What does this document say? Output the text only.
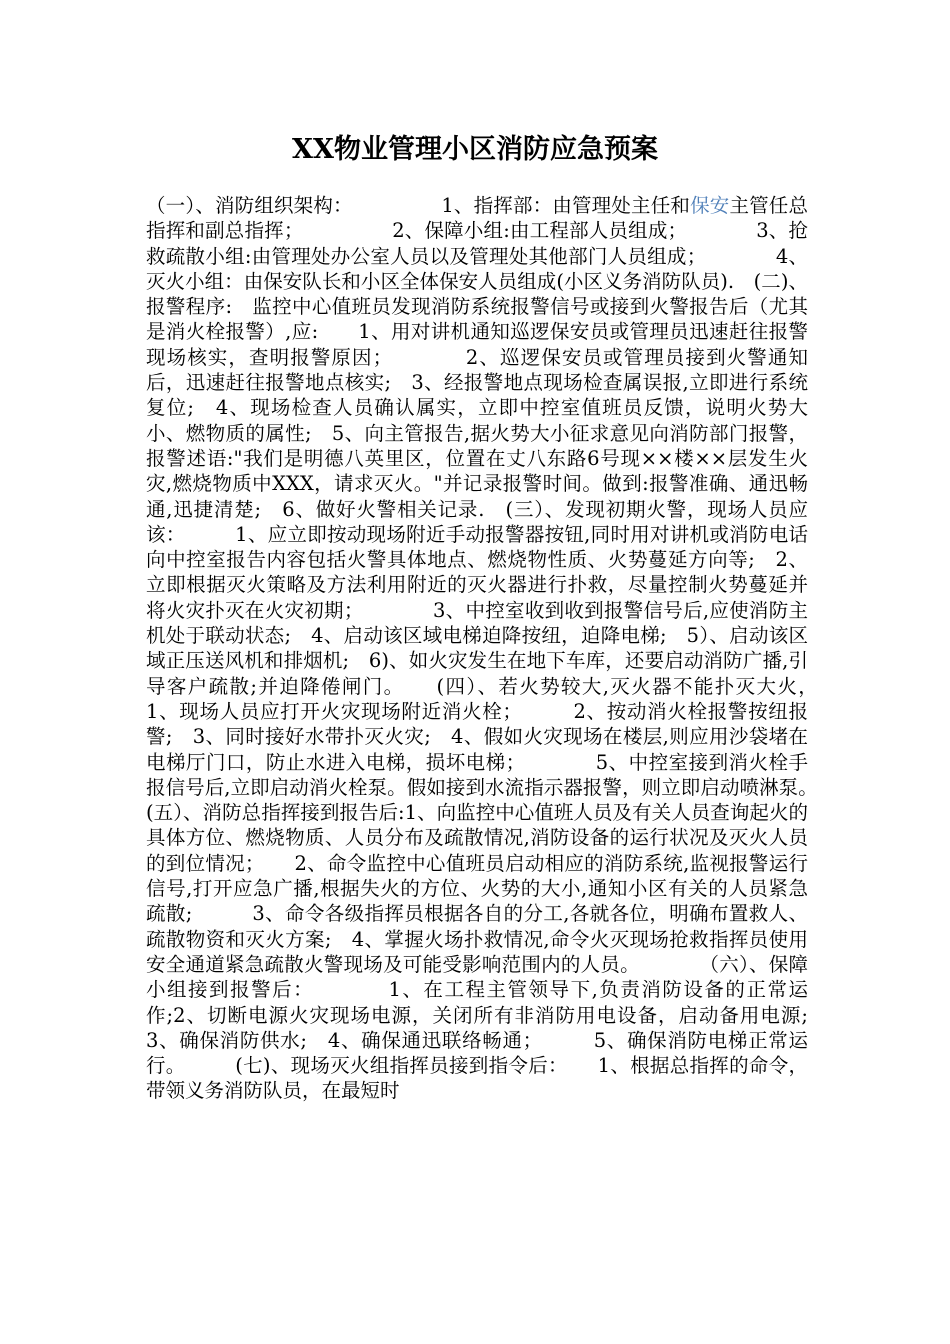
XX物业管理小区消防应急预案

（一）、消防组织架构：　　　　　1、指挥部：由管理处主任和保安主管任总指挥和副总指挥；　　　　　2、保障小组:由工程部人员组成；　　　　3、抢救疏散小组:由管理处办公室人员以及管理处其他部门人员组成；　　　　4、灭火小组：由保安队长和小区全体保安人员组成(小区义务消防队员).　(二)、报警程序:　监控中心值班员发现消防系统报警信号或接到火警报告后（尤其是消火栓报警）,应:　　1、用对讲机通知巡逻保安员或管理员迅速赶往报警现场核实，查明报警原因；　　　　2、巡逻保安员或管理员接到火警通知后，迅速赶往报警地点核实;　3、经报警地点现场检查属误报,立即进行系统复位;　4、现场检查人员确认属实，立即中控室值班员反馈，说明火势大小、燃物质的属性;　5、向主管报告,据火势大小征求意见向消防部门报警，报警述语:"我们是明德八英里区，位置在丈八东路6号现××楼××层发生火灾,燃烧物质中XXX，请求灭火。"并记录报警时间。做到:报警准确、通迅畅通,迅捷清楚;　6、做好火警相关记录.　(三）、发现初期火警，现场人员应该：　　　1、应立即按动现场附近手动报警器按钮,同时用对讲机或消防电话向中控室报告内容包括火警具体地点、燃烧物性质、火势蔓延方向等;　2、立即根据灭火策略及方法利用附近的灭火器进行扑救，尽量控制火势蔓延并将火灾扑灭在火灾初期；　　　　3、中控室收到收到报警信号后,应使消防主机处于联动状态;　4、启动该区域电梯迫降按纽，迫降电梯;　5）、启动该区域正压送风机和排烟机;　6)、如火灾发生在地下车库，还要启动消防广播,引导客户疏散;并迫降倦闸门。　　(四）、若火势较大,灭火器不能扑灭大火，　　1、现场人员应打开火灾现场附近消火栓；　　　2、按动消火栓报警按纽报警;　3、同时接好水带扑灭火灾;　4、假如火灾现场在楼层,则应用沙袋堵在电梯厅门口，防止水进入电梯，损坏电梯；　　　　5、中控室接到消火栓手报信号后,立即启动消火栓泵。假如接到水流指示器报警，则立即启动喷淋泵。　　　　(五）、消防总指挥接到报告后:1、向监控中心值班人员及有关人员查询起火的具体方位、燃烧物质、人员分布及疏散情况,消防设备的运行状况及灭火人员的到位情况；　　2、命令监控中心值班员启动相应的消防系统,监视报警运行信号,打开应急广播,根据失火的方位、火势的大小,通知小区有关的人员紧急疏散;　　　3、命令各级指挥员根据各自的分工,各就各位，明确布置救人、疏散物资和灭火方案;　4、掌握火场扑救情况,命令火灭现场抢救指挥员使用安全通道紧急疏散火警现场及可能受影响范围内的人员。　　　　（六）、保障小组接到报警后：　　　　1、在工程主管领导下,负责消防设备的正常运作;2、切断电源火灾现场电源，关闭所有非消防用电设备，启动备用电源;　　　3、确保消防供水;　4、确保通迅联络畅通；　　　5、确保消防电梯正常运行。　　　(七)、现场灭火组指挥员接到指令后：　　1、根据总指挥的命令，带领义务消防队员，在最短时
